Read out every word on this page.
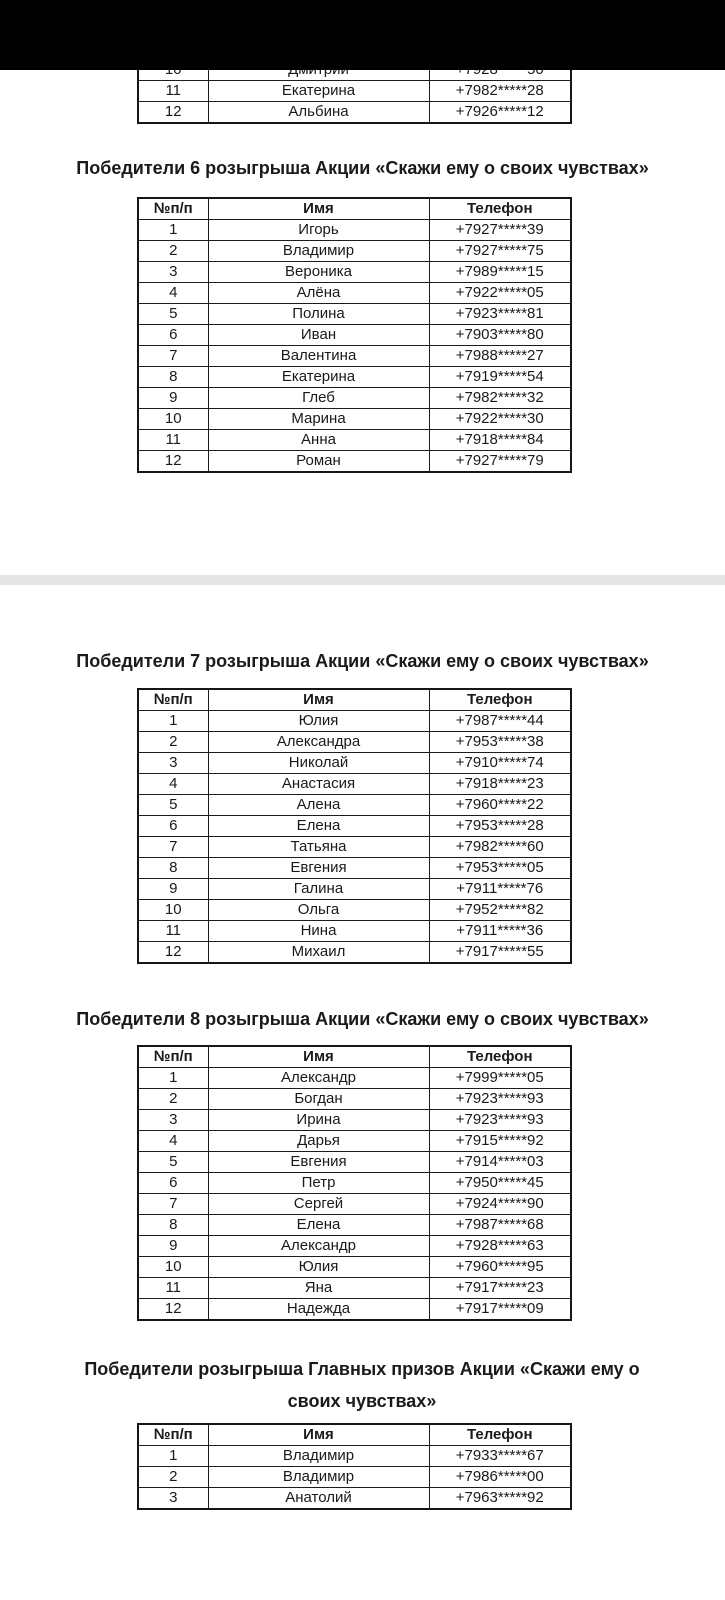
11	Екатерина	+7982*****28
12	Альбина	+7926*****12
Победители 6 розыгрыша Акции «Скажи ему о своих чувствах»
№п/п	Имя	Телефон
1	Игорь	+7927*****39
2	Владимир	+7927*****75
3	Вероника	+7989*****15
4	Алёна	+7922*****05
5	Полина	+7923*****81
6	Иван	+7903*****80
7	Валентина	+7988*****27
8	Екатерина	+7919*****54
9	Глеб	+7982*****32
10	Марина	+7922*****30
11	Анна	+7918*****84
12	Роман	+7927*****79
Победители 7 розыгрыша Акции «Скажи ему о своих чувствах»
№п/п	Имя	Телефон
1	Юлия	+7987*****44
2	Александра	+7953*****38
3	Николай	+7910*****74
4	Анастасия	+7918*****23
5	Алена	+7960*****22
6	Елена	+7953*****28
7	Татьяна	+7982*****60
8	Евгения	+7953*****05
9	Галина	+7911*****76
10	Ольга	+7952*****82
11	Нина	+7911*****36
12	Михаил	+7917*****55
Победители 8 розыгрыша Акции «Скажи ему о своих чувствах»
№п/п	Имя	Телефон
1	Александр	+7999*****05
2	Богдан	+7923*****93
3	Ирина	+7923*****93
4	Дарья	+7915*****92
5	Евгения	+7914*****03
6	Петр	+7950*****45
7	Сергей	+7924*****90
8	Елена	+7987*****68
9	Александр	+7928*****63
10	Юлия	+7960*****95
11	Яна	+7917*****23
12	Надежда	+7917*****09
Победители розыгрыша Главных призов Акции «Скажи ему о своих чувствах»
№п/п	Имя	Телефон
1	Владимир	+7933*****67
2	Владимир	+7986*****00
3	Анатолий	+7963*****92
